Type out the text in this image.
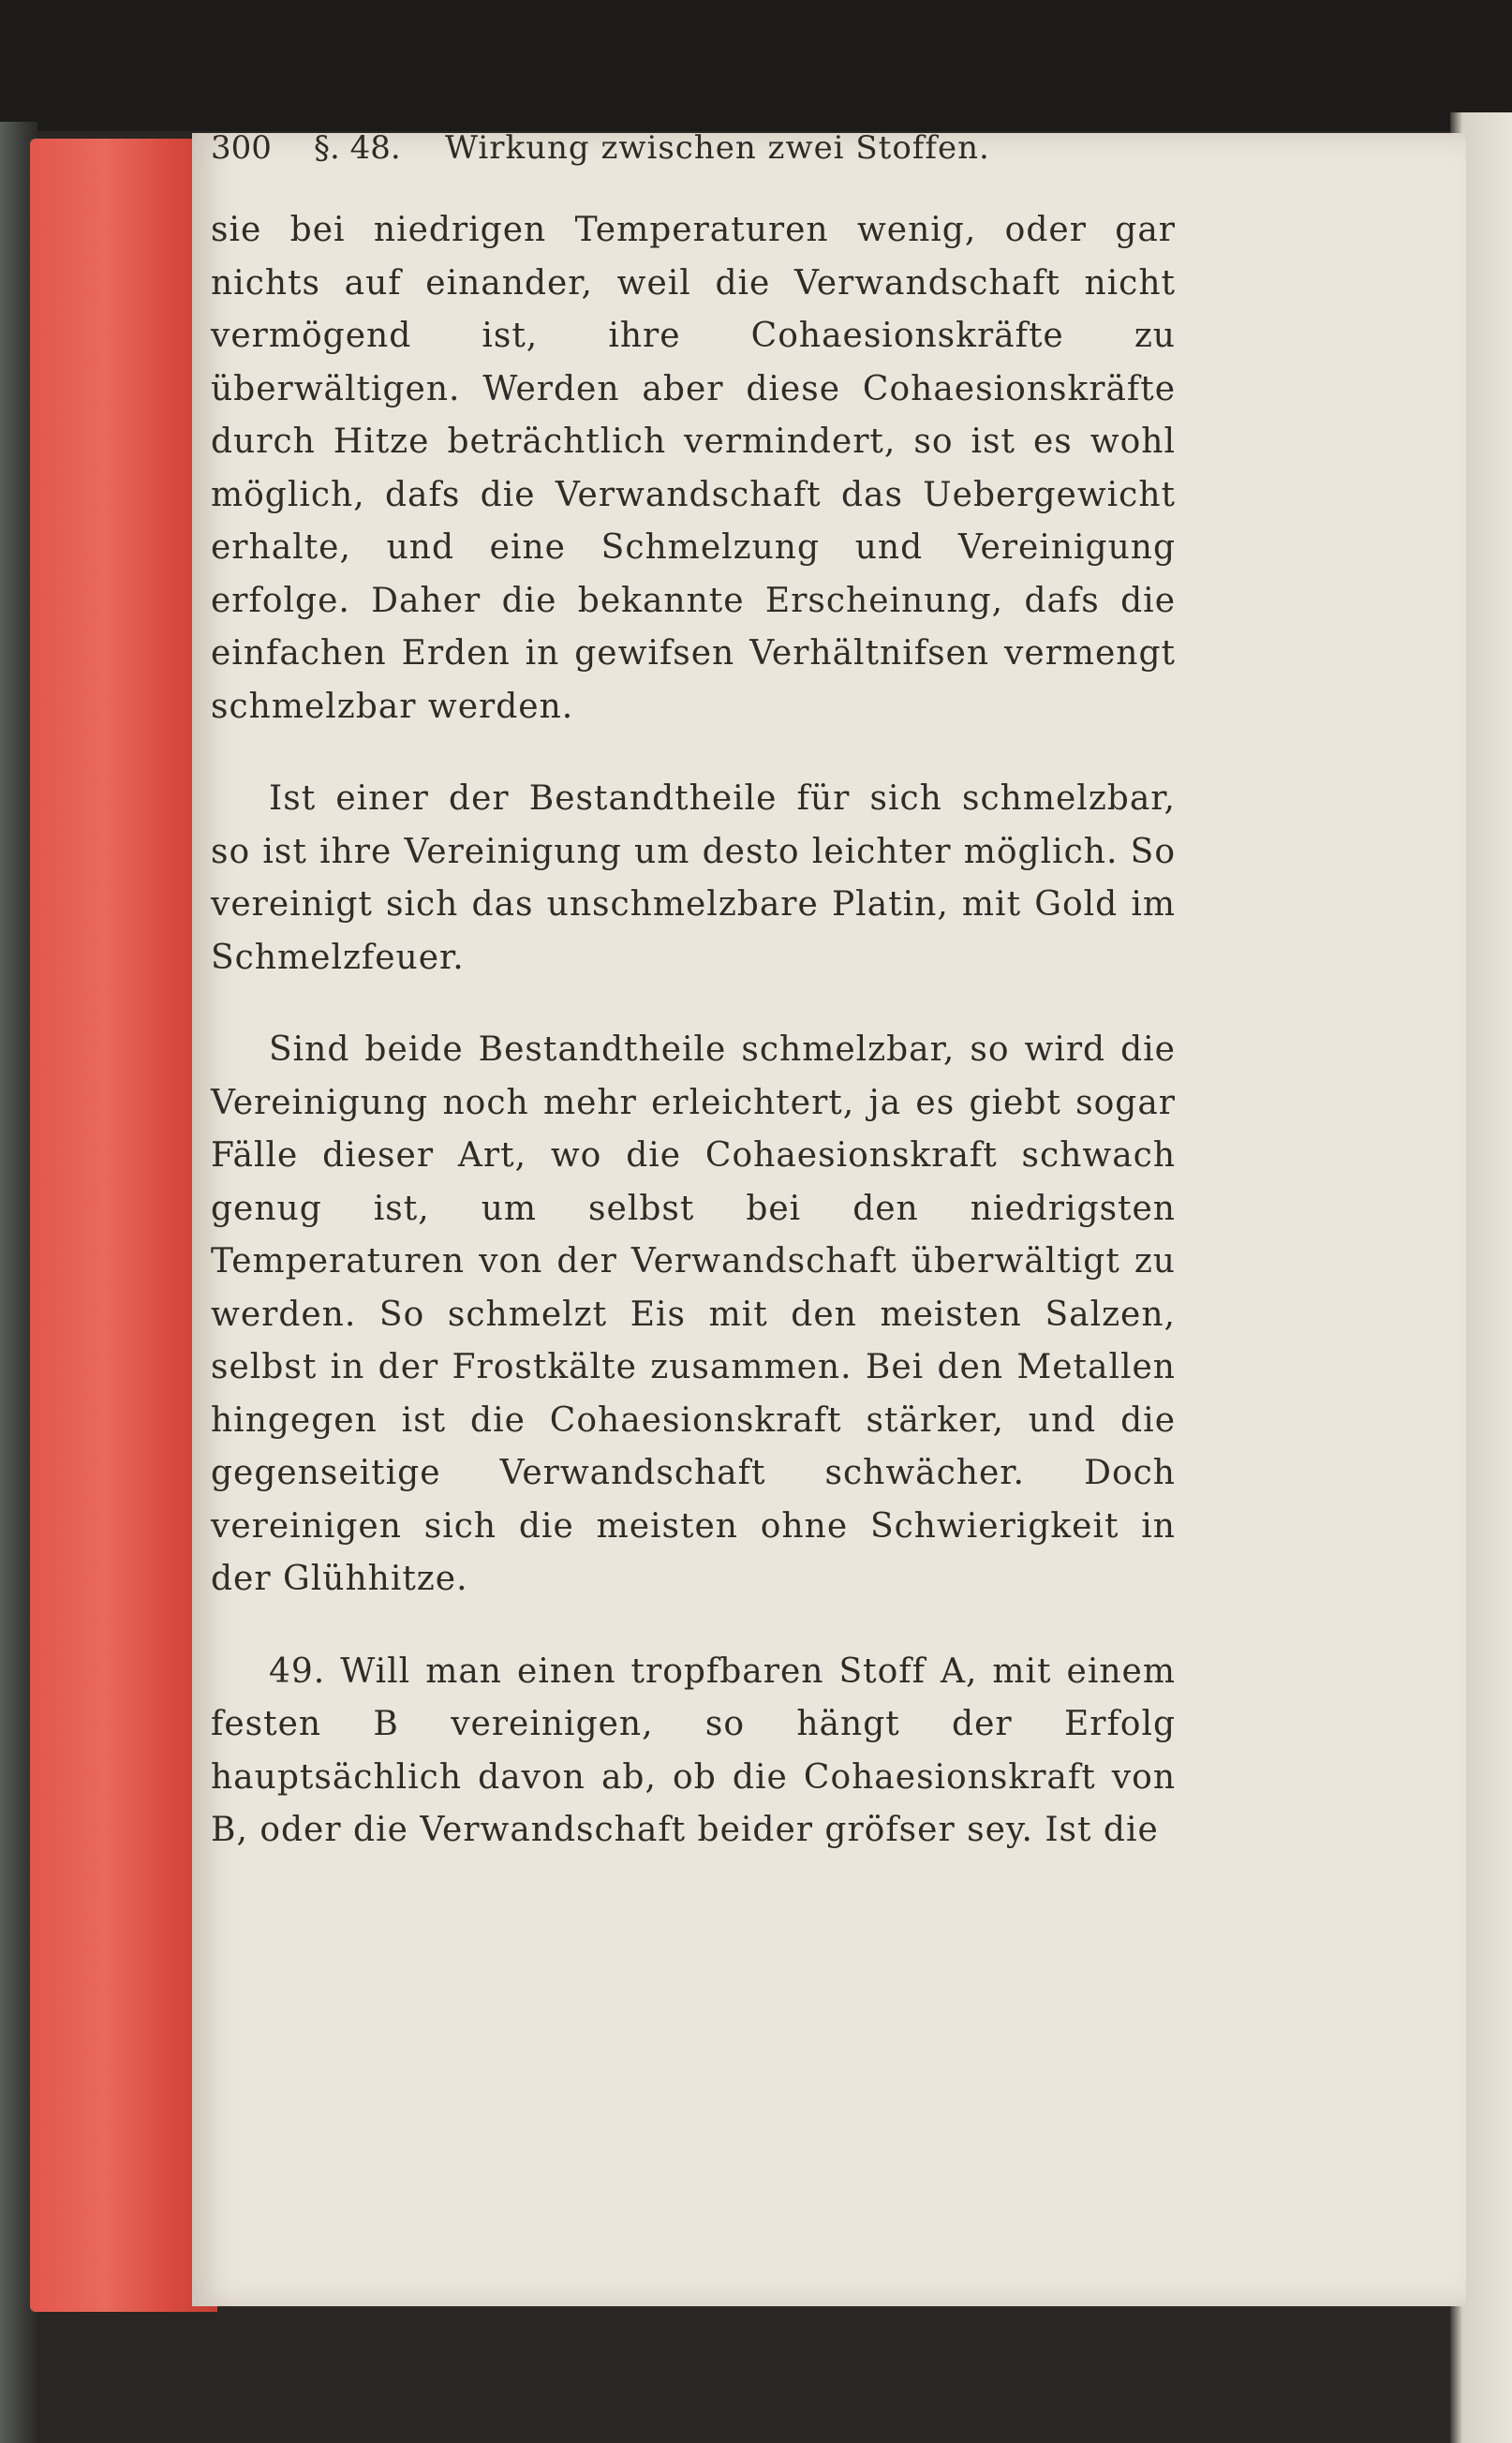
300	§. 48.	Wirkung zwischen zwei Stoffen.

sie bei niedrigen Temperaturen wenig, oder gar nichts auf einander, weil die Verwandschaft nicht vermögend ist, ihre Cohaesionskräfte zu überwältigen. Werden aber diese Cohaesionskräfte durch Hitze beträchtlich vermindert, so ist es wohl möglich, dafs die Verwandschaft das Uebergewicht erhalte, und eine Schmelzung und Vereinigung erfolge. Daher die bekannte Erscheinung, dafs die einfachen Erden in gewifsen Verhältnifsen vermengt schmelzbar werden.

Ist einer der Bestandtheile für sich schmelzbar, so ist ihre Vereinigung um desto leichter möglich. So vereinigt sich das unschmelzbare Platin, mit Gold im Schmelzfeuer.

Sind beide Bestandtheile schmelzbar, so wird die Vereinigung noch mehr erleichtert, ja es giebt sogar Fälle dieser Art, wo die Cohaesionskraft schwach genug ist, um selbst bei den niedrigsten Temperaturen von der Verwandschaft überwältigt zu werden. So schmelzt Eis mit den meisten Salzen, selbst in der Frostkälte zusammen. Bei den Metallen hingegen ist die Cohaesionskraft stärker, und die gegenseitige Verwandschaft schwächer. Doch vereinigen sich die meisten ohne Schwierigkeit in der Glühhitze.

49. Will man einen tropfbaren Stoff A, mit einem festen B vereinigen, so hängt der Erfolg hauptsächlich davon ab, ob die Cohaesionskraft von B, oder die Verwandschaft beider gröfser sey. Ist die
